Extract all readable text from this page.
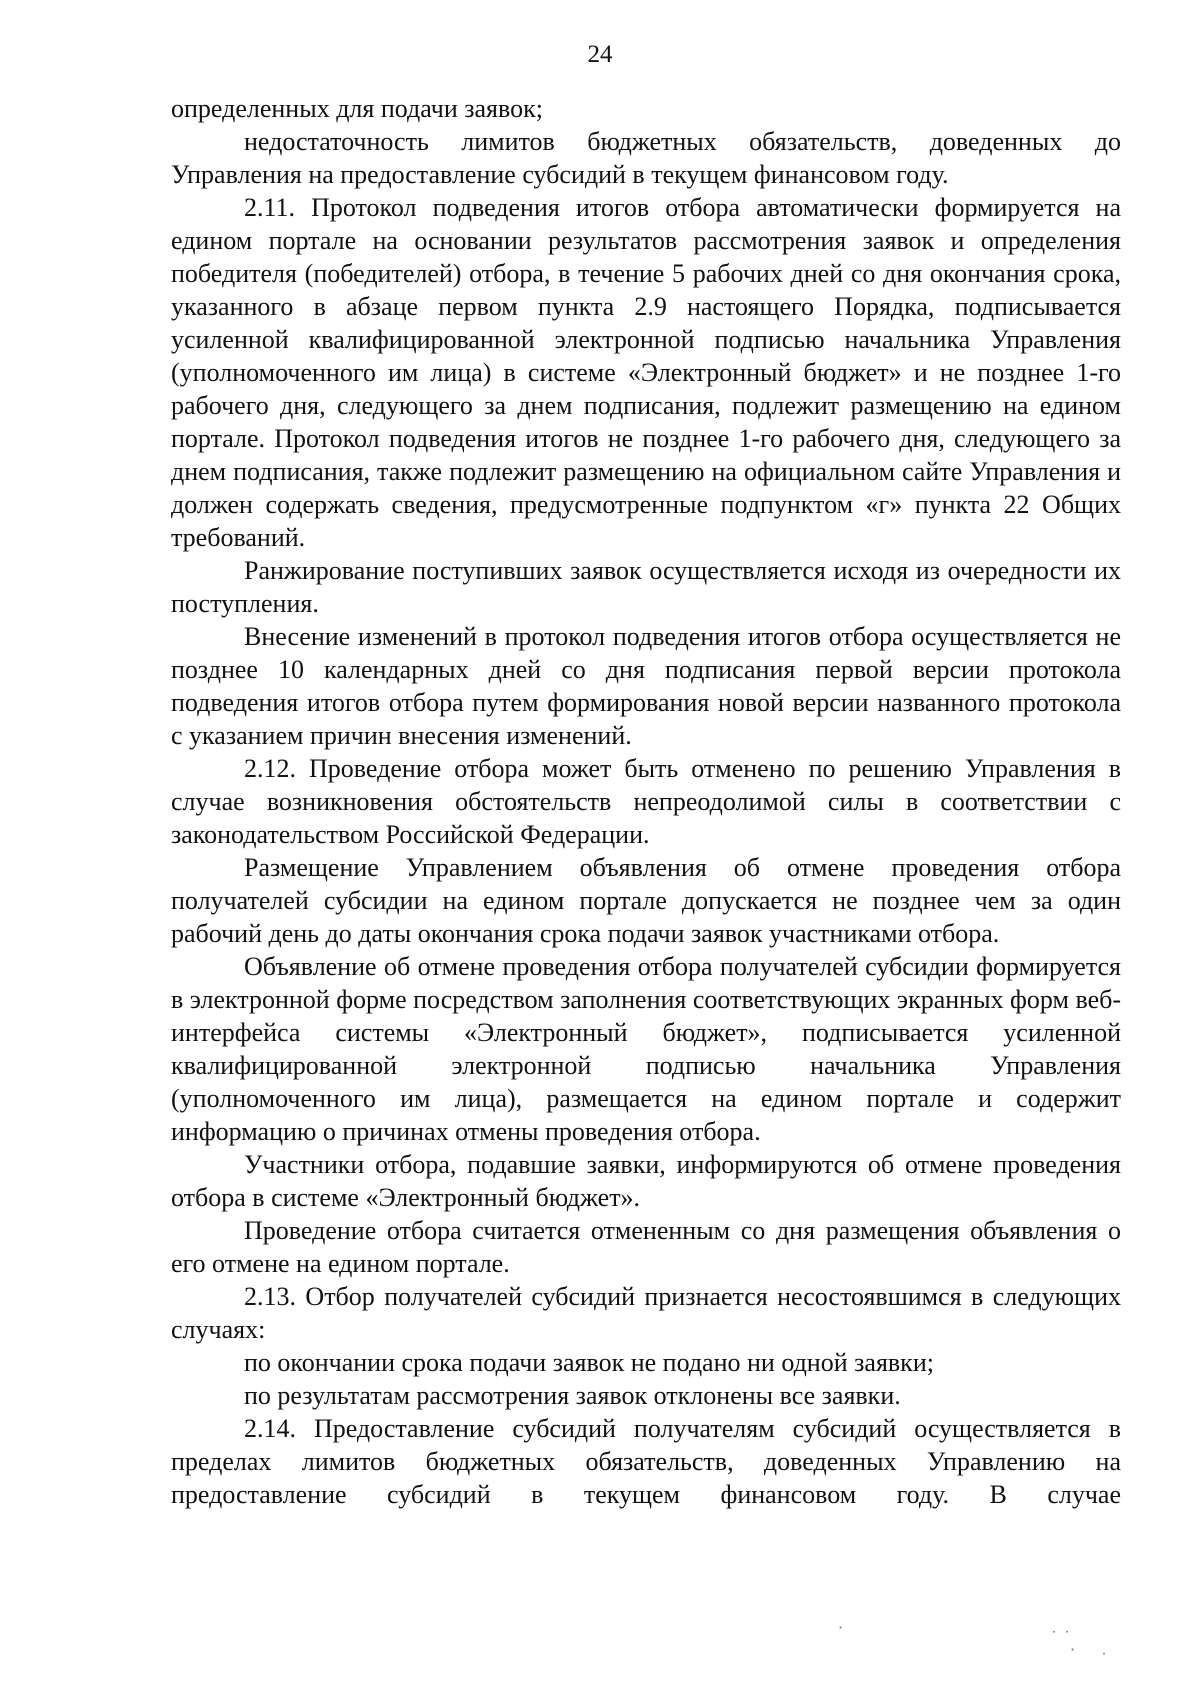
24

определенных для подачи заявок;

недостаточность лимитов бюджетных обязательств, доведенных до Управления на предоставление субсидий в текущем финансовом году.

2.11. Протокол подведения итогов отбора автоматически формируется на едином портале на основании результатов рассмотрения заявок и определения победителя (победителей) отбора, в течение 5 рабочих дней со дня окончания срока, указанного в абзаце первом пункта 2.9 настоящего Порядка, подписывается усиленной квалифицированной электронной подписью начальника Управления (уполномоченного им лица) в системе «Электронный бюджет» и не позднее 1-го рабочего дня, следующего за днем подписания, подлежит размещению на едином портале. Протокол подведения итогов не позднее 1-го рабочего дня, следующего за днем подписания, также подлежит размещению на официальном сайте Управления и должен содержать сведения, предусмотренные подпунктом «г» пункта 22 Общих требований.

Ранжирование поступивших заявок осуществляется исходя из очередности их поступления.

Внесение изменений в протокол подведения итогов отбора осуществляется не позднее 10 календарных дней со дня подписания первой версии протокола подведения итогов отбора путем формирования новой версии названного протокола с указанием причин внесения изменений.

2.12. Проведение отбора может быть отменено по решению Управления в случае возникновения обстоятельств непреодолимой силы в соответствии с законодательством Российской Федерации.

Размещение Управлением объявления об отмене проведения отбора получателей субсидии на едином портале допускается не позднее чем за один рабочий день до даты окончания срока подачи заявок участниками отбора.

Объявление об отмене проведения отбора получателей субсидии формируется в электронной форме посредством заполнения соответствующих экранных форм веб-интерфейса системы «Электронный бюджет», подписывается усиленной квалифицированной электронной подписью начальника Управления (уполномоченного им лица), размещается на едином портале и содержит информацию о причинах отмены проведения отбора.

Участники отбора, подавшие заявки, информируются об отмене проведения отбора в системе «Электронный бюджет».

Проведение отбора считается отмененным со дня размещения объявления о его отмене на едином портале.

2.13. Отбор получателей субсидий признается несостоявшимся в следующих случаях:

по окончании срока подачи заявок не подано ни одной заявки;

по результатам рассмотрения заявок отклонены все заявки.

2.14. Предоставление субсидий получателям субсидий осуществляется в пределах лимитов бюджетных обязательств, доведенных Управлению на предоставление субсидий в текущем финансовом году. В случае

·
˙ ˙
·
˙
